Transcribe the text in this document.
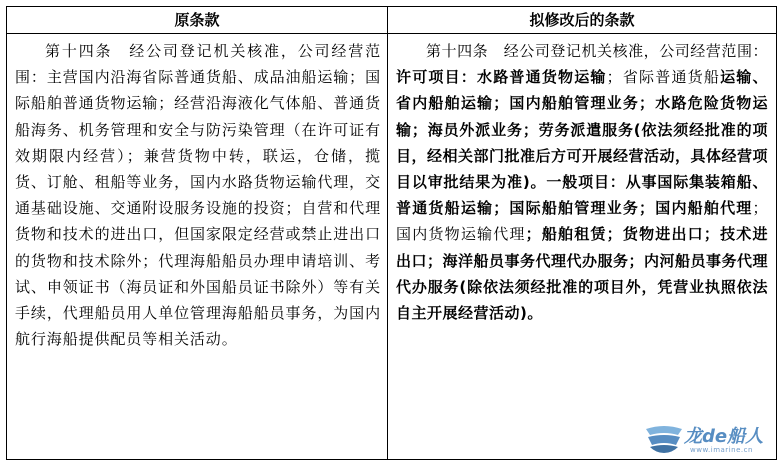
原条款	拟修改后的条款

第十四条　经公司登记机关核准，公司经营范围：主营国内沿海省际普通货船、成品油船运输；国际船舶普通货物运输；经营沿海液化气体船、普通货船海务、机务管理和安全与防污染管理（在许可证有效期限内经营）；兼营货物中转，联运，仓储，揽货、订舱、租船等业务，国内水路货物运输代理，交通基础设施、交通附设服务设施的投资；自营和代理货物和技术的进出口，但国家限定经营或禁止进出口的货物和技术除外；代理海船船员办理申请培训、考试、申领证书（海员证和外国船员证书除外）等有关手续，代理船员用人单位管理海船船员事务，为国内航行海船提供配员等相关活动。

第十四条　经公司登记机关核准，公司经营范围：许可项目：水路普通货物运输；省际普通货船运输、省内船舶运输；国内船舶管理业务；水路危险货物运输；海员外派业务；劳务派遣服务(依法须经批准的项目，经相关部门批准后方可开展经营活动，具体经营项目以审批结果为准)。一般项目：从事国际集装箱船、普通货船运输；国际船舶管理业务；国内船舶代理；国内货物运输代理；船舶租赁；货物进出口；技术进出口；海洋船员事务代理代办服务；内河船员事务代理代办服务(除依法须经批准的项目外，凭营业执照依法自主开展经营活动)。

龙de船人
www.imarine.cn
